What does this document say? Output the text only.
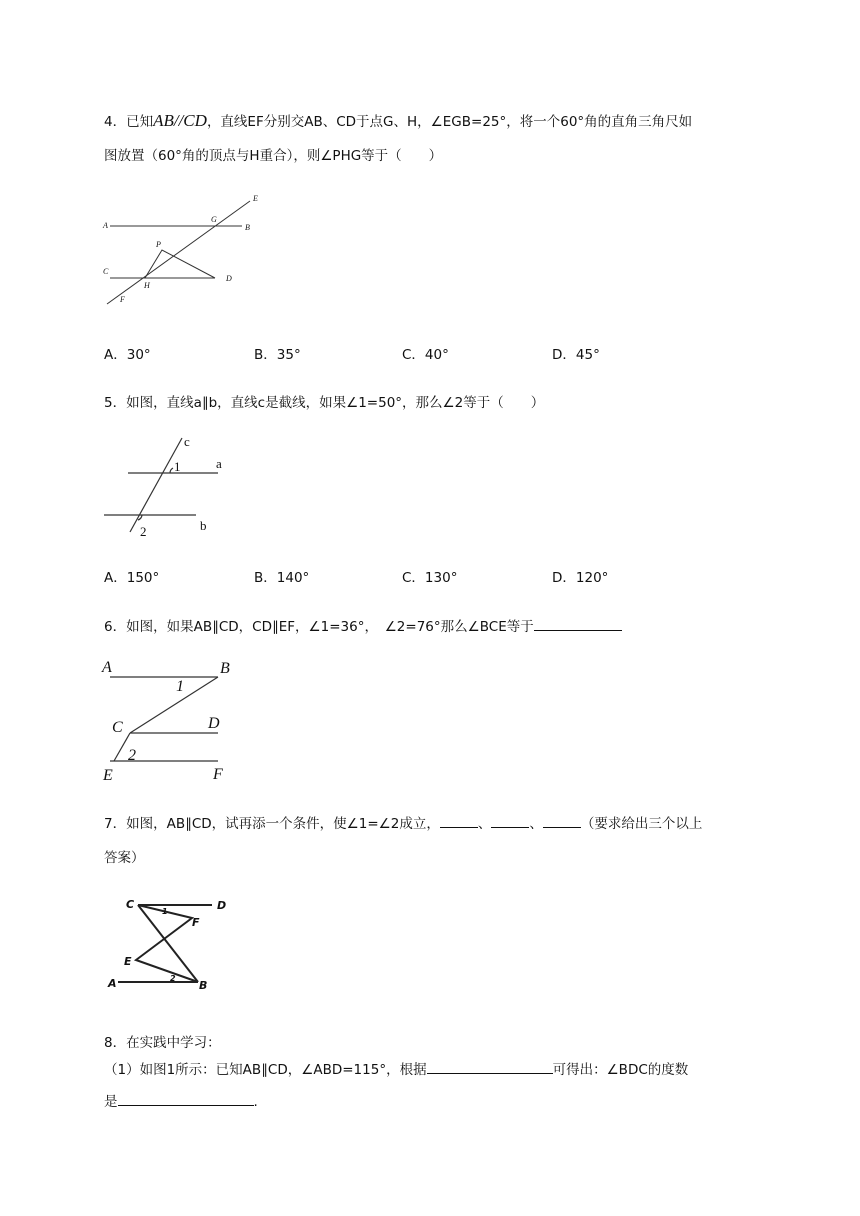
4．已知AB//CD，直线EF分别交AB、CD于点G、H，∠EGB=25°，将一个60°角的直角三角尺如
图放置（60°角的顶点与H重合），则∠PHG等于（　　）
E
G
A	B
P
C
H
D
F
A．30°	B．35°	C．40°	D．45°
5．如图，直线a∥b，直线c是截线，如果∠1=50°，那么∠2等于（　　）
c
1	a
2	b
A．150°	B．140°	C．130°	D．120°
6．如图，如果AB∥CD，CD∥EF，∠1=36°，　∠2=76°那么∠BCE等于
A	B
1
C	D
2
E	F
7．如图，AB∥CD，试再添一个条件，使∠1=∠2成立，	、	、	（要求给出三个以上
答案）
C	D
F
E
A	B
1
2
8．在实践中学习：
（1）如图1所示：已知AB∥CD，∠ABD=115°，根据	可得出：∠BDC的度数
是	.
